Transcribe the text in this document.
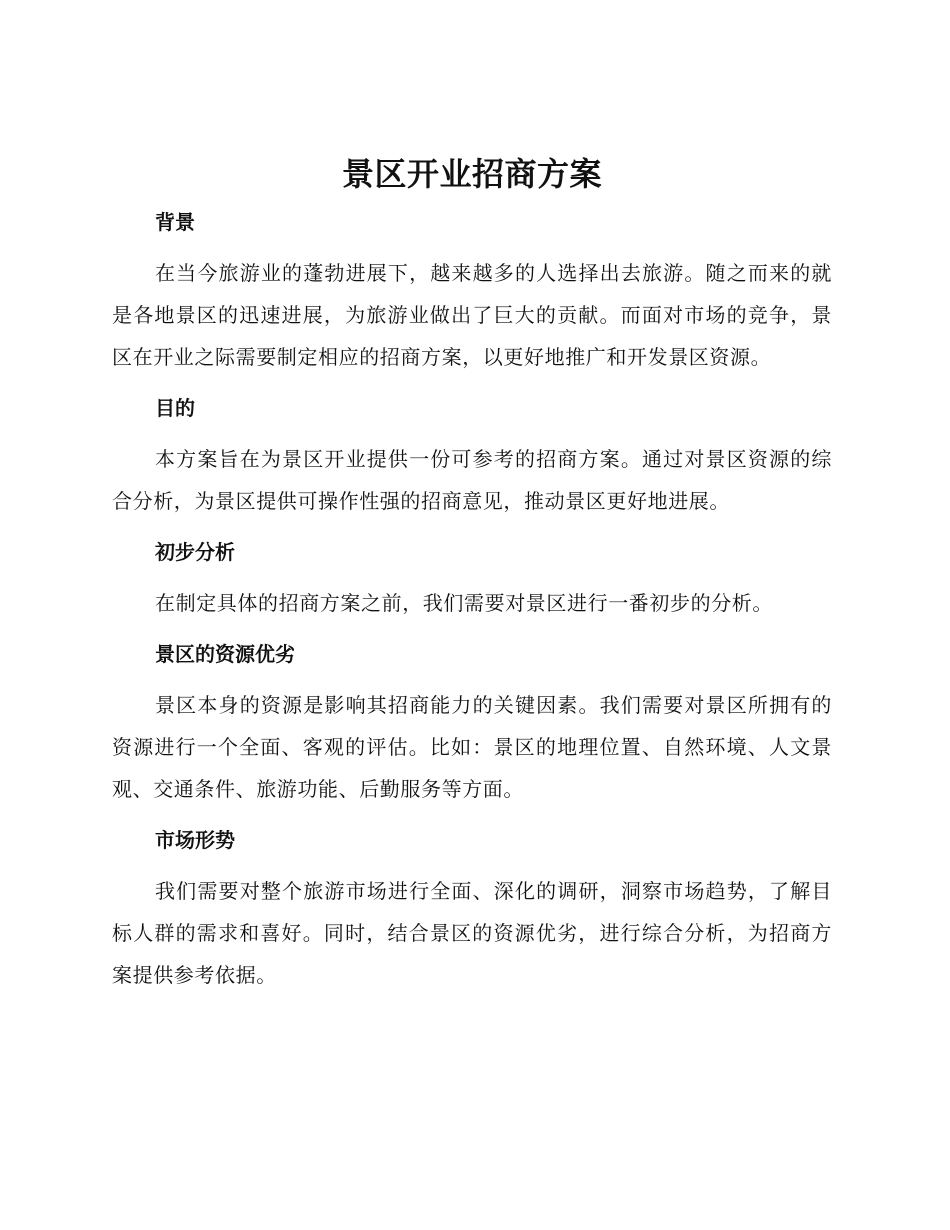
景区开业招商方案
背景

在当今旅游业的蓬勃进展下，越来越多的人选择出去旅游。随之而来的就是各地景区的迅速进展，为旅游业做出了巨大的贡献。而面对市场的竞争，景区在开业之际需要制定相应的招商方案，以更好地推广和开发景区资源。

目的

本方案旨在为景区开业提供一份可参考的招商方案。通过对景区资源的综合分析，为景区提供可操作性强的招商意见，推动景区更好地进展。

初步分析

在制定具体的招商方案之前，我们需要对景区进行一番初步的分析。

景区的资源优劣

景区本身的资源是影响其招商能力的关键因素。我们需要对景区所拥有的资源进行一个全面、客观的评估。比如：景区的地理位置、自然环境、人文景观、交通条件、旅游功能、后勤服务等方面。

市场形势

我们需要对整个旅游市场进行全面、深化的调研，洞察市场趋势，了解目标人群的需求和喜好。同时，结合景区的资源优劣，进行综合分析，为招商方案提供参考依据。
